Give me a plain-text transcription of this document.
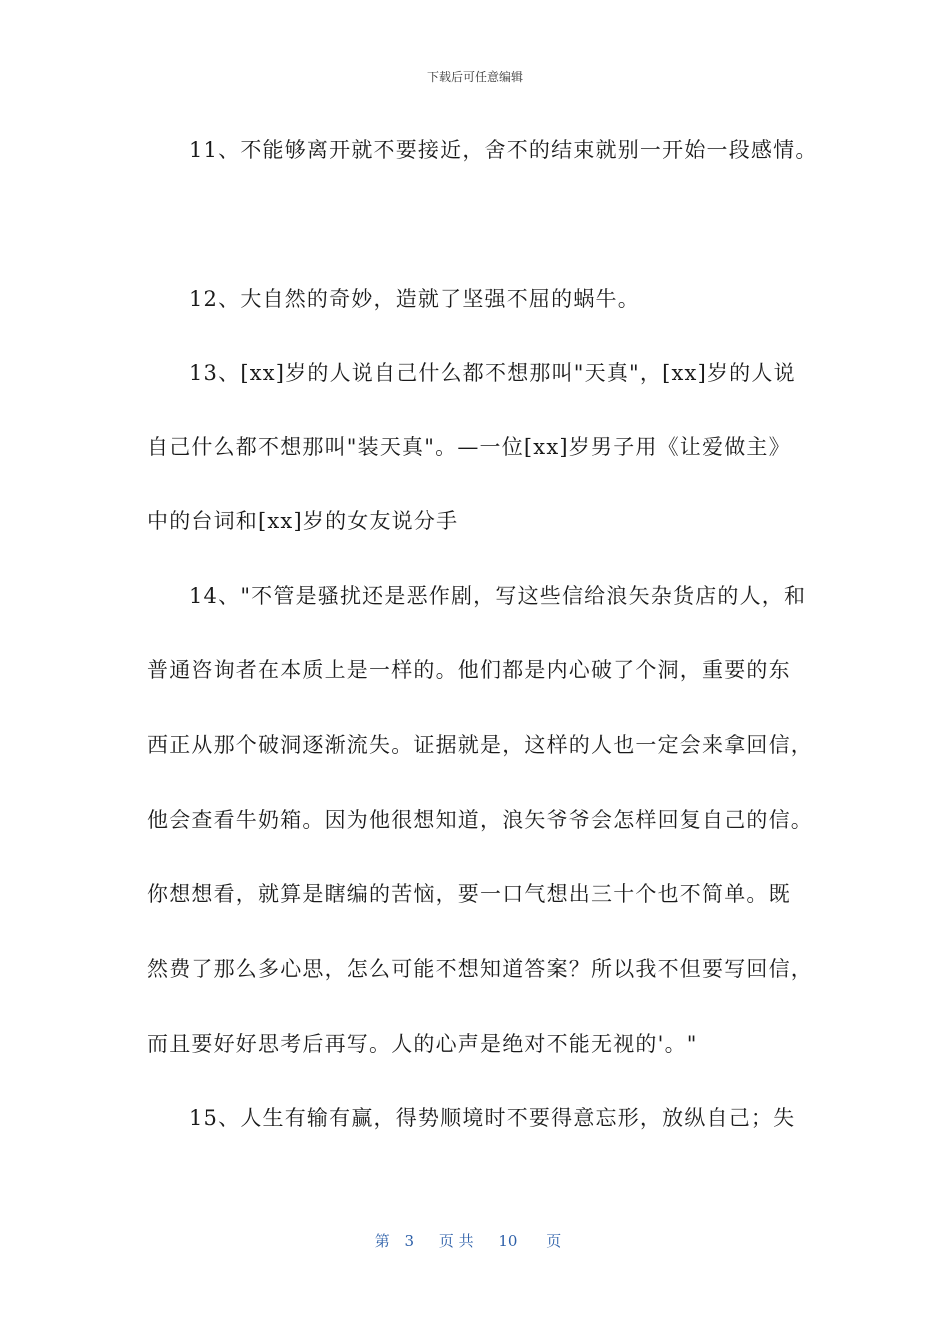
下载后可任意编辑
11、不能够离开就不要接近，舍不的结束就别一开始一段感情。
12、大自然的奇妙，造就了坚强不屈的蜗牛。
13、[xx]岁的人说自己什么都不想那叫"天真"，[xx]岁的人说
自己什么都不想那叫"装天真"。—一位[xx]岁男子用《让爱做主》
中的台词和[xx]岁的女友说分手
14、"不管是骚扰还是恶作剧，写这些信给浪矢杂货店的人，和
普通咨询者在本质上是一样的。他们都是内心破了个洞，重要的东
西正从那个破洞逐渐流失。证据就是，这样的人也一定会来拿回信，
他会查看牛奶箱。因为他很想知道，浪矢爷爷会怎样回复自己的信。
你想想看，就算是瞎编的苦恼，要一口气想出三十个也不简单。既
然费了那么多心思，怎么可能不想知道答案？所以我不但要写回信，
而且要好好思考后再写。人的心声是绝对不能无视的'。"
15、人生有输有赢，得势顺境时不要得意忘形，放纵自己；失
第 3 页 共 10 页
